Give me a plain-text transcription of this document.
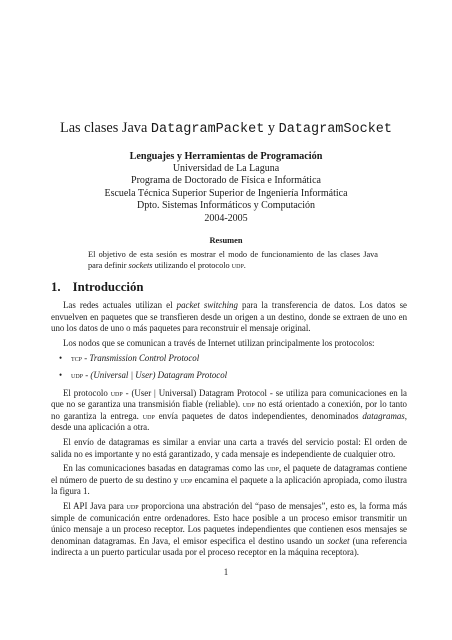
Las clases Java DatagramPacket y DatagramSocket
Lenguajes y Herramientas de Programación
Universidad de La Laguna
Programa de Doctorado de Física e Informática
Escuela Técnica Superior Superior de Ingeniería Informática
Dpto. Sistemas Informáticos y Computación
2004-2005
Resumen
El objetivo de esta sesión es mostrar el modo de funcionamiento de las clases Java para definir sockets utilizando el protocolo udp.
1. Introducción

Las redes actuales utilizan el packet switching para la transferencia de datos. Los datos se envuelven en paquetes que se transfieren desde un origen a un destino, donde se extraen de uno en uno los datos de uno o más paquetes para reconstruir el mensaje original.

Los nodos que se comunican a través de Internet utilizan principalmente los protocolos:

• tcp - Transmission Control Protocol
• udp - (Universal | User) Datagram Protocol

El protocolo udp - (User | Universal) Datagram Protocol - se utiliza para comunicaciones en la que no se garantiza una transmisión fiable (reliable). udp no está orientado a conexión, por lo tanto no garantiza la entrega. udp envía paquetes de datos independientes, denominados datagramas, desde una aplicación a otra.

El envío de datagramas es similar a enviar una carta a través del servicio postal: El orden de salida no es importante y no está garantizado, y cada mensaje es independiente de cualquier otro.

En las comunicaciones basadas en datagramas como las udp, el paquete de datagramas contiene el número de puerto de su destino y udp encamina el paquete a la aplicación apropiada, como ilustra la figura 1.

El API Java para udp proporciona una abstración del “paso de mensajes”, esto es, la forma más simple de comunicación entre ordenadores. Esto hace posible a un proceso emisor transmitir un único mensaje a un proceso receptor. Los paquetes independientes que contienen esos mensajes se denominan datagramas. En Java, el emisor especifica el destino usando un socket (una referencia indirecta a un puerto particular usada por el proceso receptor en la máquina receptora).

1
